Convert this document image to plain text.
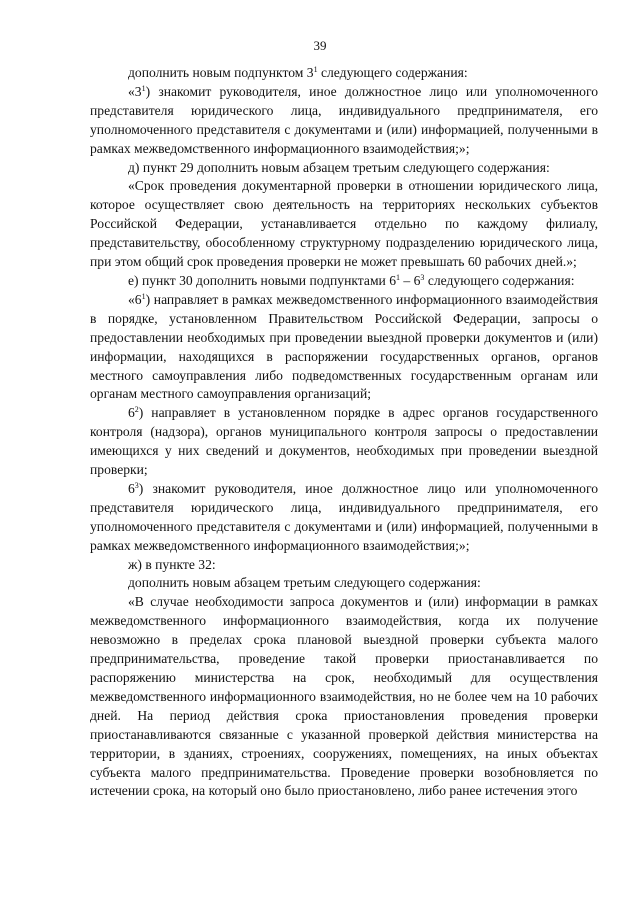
39

дополнить новым подпунктом $3^1$ следующего содержания:

«$3^1$) знакомит руководителя, иное должностное лицо или уполномоченного представителя юридического лица, индивидуального предпринимателя, его уполномоченного представителя с документами и (или) информацией, полученными в рамках межведомственного информационного взаимодействия;»;

д) пункт 29 дополнить новым абзацем третьим следующего содержания:

«Срок проведения документарной проверки в отношении юридического лица, которое осуществляет свою деятельность на территориях нескольких субъектов Российской Федерации, устанавливается отдельно по каждому филиалу, представительству, обособленному структурному подразделению юридического лица, при этом общий срок проведения проверки не может превышать 60 рабочих дней.»;

е) пункт 30 дополнить новыми подпунктами $6^1 - 6^3$ следующего содержания:

«$6^1$) направляет в рамках межведомственного информационного взаимодействия в порядке, установленном Правительством Российской Федерации, запросы о предоставлении необходимых при проведении выездной проверки документов и (или) информации, находящихся в распоряжении государственных органов, органов местного самоуправления либо подведомственных государственным органам или органам местного самоуправления организаций;

$6^2$) направляет в установленном порядке в адрес органов государственного контроля (надзора), органов муниципального контроля запросы о предоставлении имеющихся у них сведений и документов, необходимых при проведении выездной проверки;

$6^3$) знакомит руководителя, иное должностное лицо или уполномоченного представителя юридического лица, индивидуального предпринимателя, его уполномоченного представителя с документами и (или) информацией, полученными в рамках межведомственного информационного взаимодействия;»;

ж) в пункте 32:

дополнить новым абзацем третьим следующего содержания:

«В случае необходимости запроса документов и (или) информации в рамках межведомственного информационного взаимодействия, когда их получение невозможно в пределах срока плановой выездной проверки субъекта малого предпринимательства, проведение такой проверки приостанавливается по распоряжению министерства на срок, необходимый для осуществления межведомственного информационного взаимодействия, но не более чем на 10 рабочих дней. На период действия срока приостановления проведения проверки приостанавливаются связанные с указанной проверкой действия министерства на территории, в зданиях, строениях, сооружениях, помещениях, на иных объектах субъекта малого предпринимательства. Проведение проверки возобновляется по истечении срока, на который оно было приостановлено, либо ранее истечения этого
